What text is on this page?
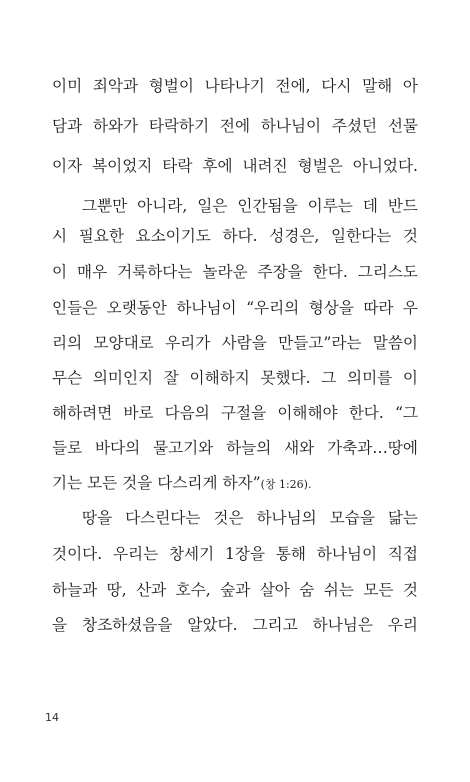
이미 죄악과 형벌이 나타나기 전에, 다시 말해 아
담과 하와가 타락하기 전에 하나님이 주셨던 선물
이자 복이었지 타락 후에 내려진 형벌은 아니었다.
그뿐만 아니라, 일은 인간됨을 이루는 데 반드
시 필요한 요소이기도 하다. 성경은, 일한다는 것
이 매우 거룩하다는 놀라운 주장을 한다. 그리스도
인들은 오랫동안 하나님이 “우리의 형상을 따라 우
리의 모양대로 우리가 사람을 만들고”라는 말씀이
무슨 의미인지 잘 이해하지 못했다. 그 의미를 이
해하려면 바로 다음의 구절을 이해해야 한다. “그
들로 바다의 물고기와 하늘의 새와 가축과…땅에
기는 모든 것을 다스리게 하자”(창 1:26).
땅을 다스린다는 것은 하나님의 모습을 닮는
것이다. 우리는 창세기 1장을 통해 하나님이 직접
하늘과 땅, 산과 호수, 숲과 살아 숨 쉬는 모든 것
을 창조하셨음을 알았다. 그리고 하나님은 우리
14
